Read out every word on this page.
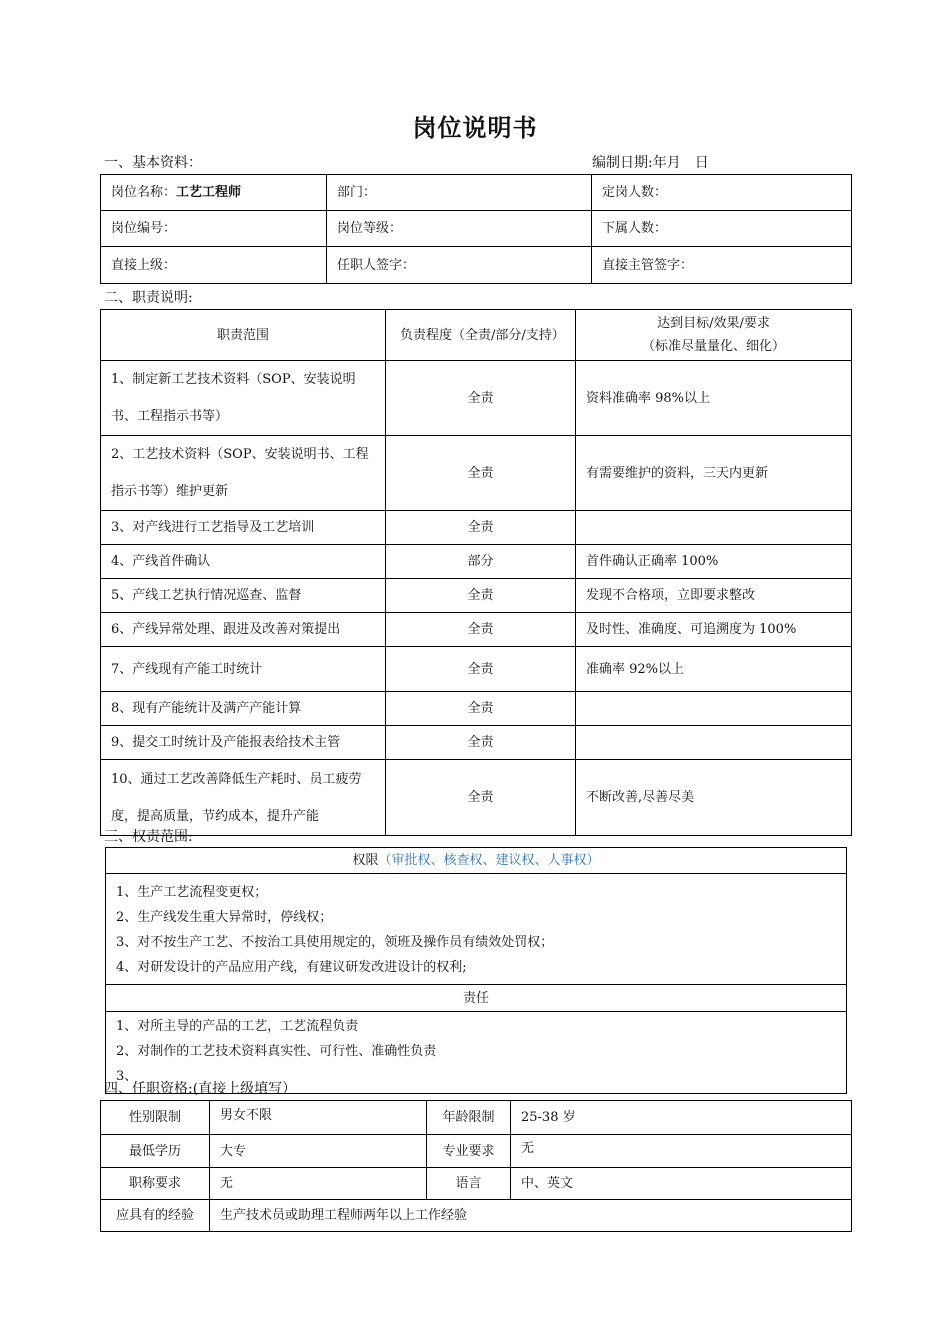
岗位说明书
一、基本资料：	编制日期:年月　日
岗位名称：工艺工程师	部门：	定岗人数：
岗位编号：	岗位等级：	下属人数：
直接上级：	任职人签字：	直接主管签字：
二、职责说明:
职责范围	负责程度（全责/部分/支持）	达到目标/效果/要求
（标准尽量量化、细化）

1、制定新工艺技术资料（SOP、安装说明书、工程指示书等）	全责	资料准确率 98%以上
2、工艺技术资料（SOP、安装说明书、工程指示书等）维护更新	全责	有需要维护的资料，三天内更新
3、对产线进行工艺指导及工艺培训	全责	
4、产线首件确认	部分	首件确认正确率 100%
5、产线工艺执行情况巡查、监督	全责	发现不合格项，立即要求整改
6、产线异常处理、跟进及改善对策提出	全责	及时性、准确度、可追溯度为 100%
7、产线现有产能工时统计	全责	准确率 92%以上
8、现有产能统计及满产产能计算	全责	
9、提交工时统计及产能报表给技术主管	全责	
10、通过工艺改善降低生产耗时、员工疲劳度，提高质量，节约成本，提升产能	全责	不断改善,尽善尽美
三、权责范围:
权限（审批权、核查权、建议权、人事权）

1、生产工艺流程变更权；
2、生产线发生重大异常时，停线权；
3、对不按生产工艺、不按治工具使用规定的，领班及操作员有绩效处罚权；
4、对研发设计的产品应用产线，有建议研发改进设计的权利;

责任

1、对所主导的产品的工艺，工艺流程负责
2、对制作的工艺技术资料真实性、可行性、准确性负责
3、
四、任职资格:(直接上级填写）
性别限制	男女不限	年龄限制	25-38 岁
最低学历	大专	专业要求	无
职称要求	无	语言	中、英文
应具有的经验	生产技术员或助理工程师两年以上工作经验		
